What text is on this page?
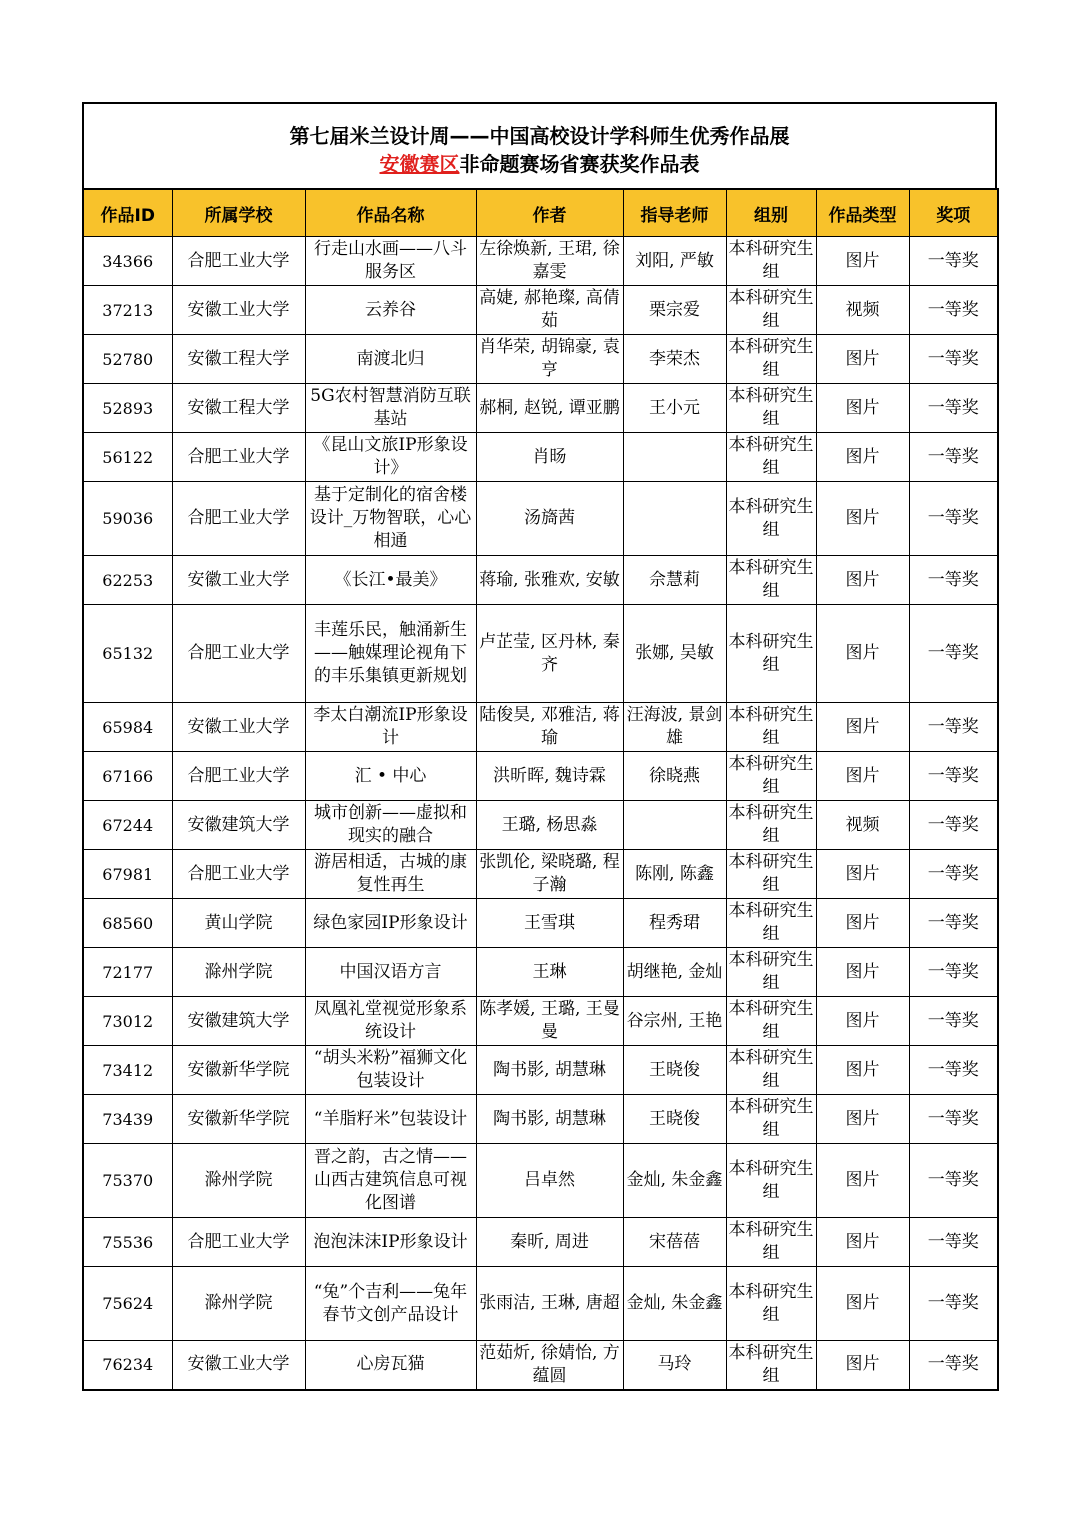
第七届米兰设计周——中国高校设计学科师生优秀作品展
安徽赛区非命题赛场省赛获奖作品表
作品ID	所属学校	作品名称	作者	指导老师	组别	作品类型	奖项
34366	合肥工业大学	行走山水画——八斗服务区	左徐焕新, 王珺, 徐嘉雯	刘阳, 严敏	本科研究生组	图片	一等奖
37213	安徽工业大学	云养谷	高婕, 郝艳璨, 高倩茹	栗宗爱	本科研究生组	视频	一等奖
52780	安徽工程大学	南渡北归	肖华荣, 胡锦豪, 袁亨	李荣杰	本科研究生组	图片	一等奖
52893	安徽工程大学	5G农村智慧消防互联基站	郝桐, 赵锐, 谭亚鹏	王小元	本科研究生组	图片	一等奖
56122	合肥工业大学	《昆山文旅IP形象设计》	肖旸		本科研究生组	图片	一等奖
59036	合肥工业大学	基于定制化的宿舍楼设计_万物智联，心心相通	汤旖茜		本科研究生组	图片	一等奖
62253	安徽工业大学	《长江•最美》	蒋瑜, 张雅欢, 安敏	佘慧莉	本科研究生组	图片	一等奖
65132	合肥工业大学	丰莲乐民，触涌新生——触媒理论视角下的丰乐集镇更新规划	卢芷莹, 区丹林, 秦齐	张娜, 吴敏	本科研究生组	图片	一等奖
65984	安徽工业大学	李太白潮流IP形象设计	陆俊昊, 邓雅洁, 蒋瑜	汪海波, 景剑雄	本科研究生组	图片	一等奖
67166	合肥工业大学	汇 • 中心	洪昕晖, 魏诗霖	徐晓燕	本科研究生组	图片	一等奖
67244	安徽建筑大学	城市创新——虚拟和现实的融合	王璐, 杨思淼		本科研究生组	视频	一等奖
67981	合肥工业大学	游居相适，古城的康复性再生	张凯伦, 梁晓璐, 程子瀚	陈刚, 陈鑫	本科研究生组	图片	一等奖
68560	黄山学院	绿色家园IP形象设计	王雪琪	程秀珺	本科研究生组	图片	一等奖
72177	滁州学院	中国汉语方言	王琳	胡继艳, 金灿	本科研究生组	图片	一等奖
73012	安徽建筑大学	凤凰礼堂视觉形象系统设计	陈孝媛, 王璐, 王曼曼	谷宗州, 王艳	本科研究生组	图片	一等奖
73412	安徽新华学院	“胡头米粉”福狮文化包装设计	陶书影, 胡慧琳	王晓俊	本科研究生组	图片	一等奖
73439	安徽新华学院	“羊脂籽米”包装设计	陶书影, 胡慧琳	王晓俊	本科研究生组	图片	一等奖
75370	滁州学院	晋之韵，古之情——山西古建筑信息可视化图谱	吕卓然	金灿, 朱金鑫	本科研究生组	图片	一等奖
75536	合肥工业大学	泡泡沫沫IP形象设计	秦昕, 周进	宋蓓蓓	本科研究生组	图片	一等奖
75624	滁州学院	“兔”个吉利——兔年春节文创产品设计	张雨洁, 王琳, 唐超	金灿, 朱金鑫	本科研究生组	图片	一等奖
76234	安徽工业大学	心房瓦猫	范茹炘, 徐婧怡, 方蕴圆	马玲	本科研究生组	图片	一等奖
